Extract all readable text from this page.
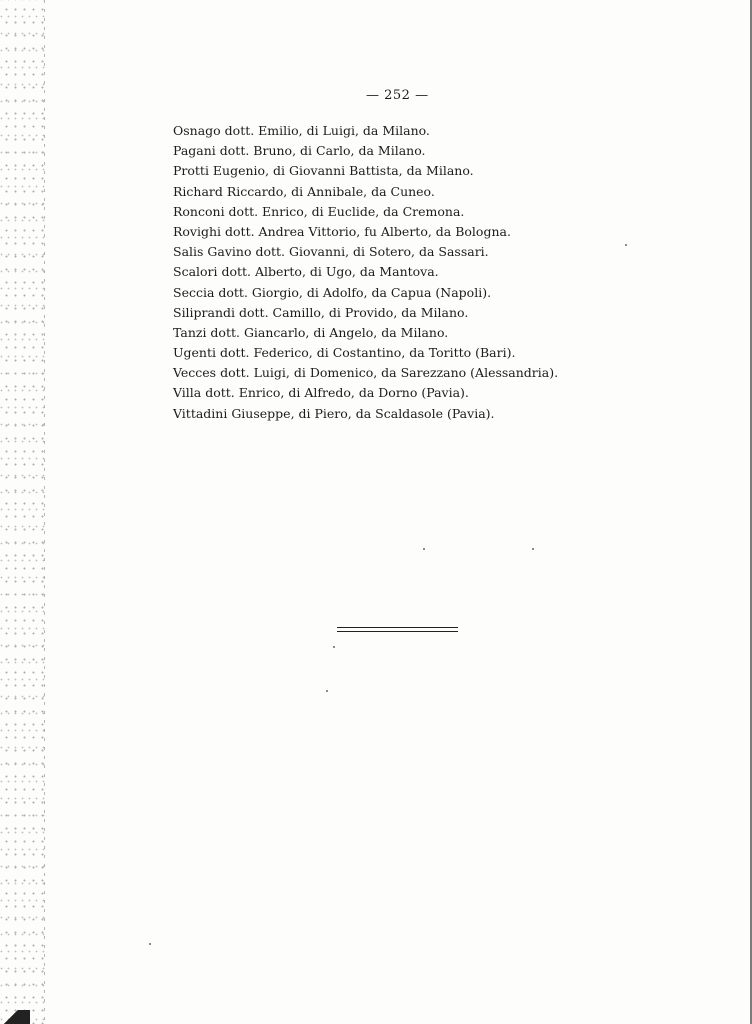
— 252 —
Osnago dott. Emilio, di Luigi, da Milano.
Pagani dott. Bruno, di Carlo, da Milano.
Protti Eugenio, di Giovanni Battista, da Milano.
Richard Riccardo, di Annibale, da Cuneo.
Ronconi dott. Enrico, di Euclide, da Cremona.
Rovighi dott. Andrea Vittorio, fu Alberto, da Bologna.
Salis Gavino dott. Giovanni, di Sotero, da Sassari.
Scalori dott. Alberto, di Ugo, da Mantova.
Seccia dott. Giorgio, di Adolfo, da Capua (Napoli).
Siliprandi dott. Camillo, di Provido, da Milano.
Tanzi dott. Giancarlo, di Angelo, da Milano.
Ugenti dott. Federico, di Costantino, da Toritto (Bari).
Vecces dott. Luigi, di Domenico, da Sarezzano (Alessandria).
Villa dott. Enrico, di Alfredo, da Dorno (Pavia).
Vittadini Giuseppe, di Piero, da Scaldasole (Pavia).
